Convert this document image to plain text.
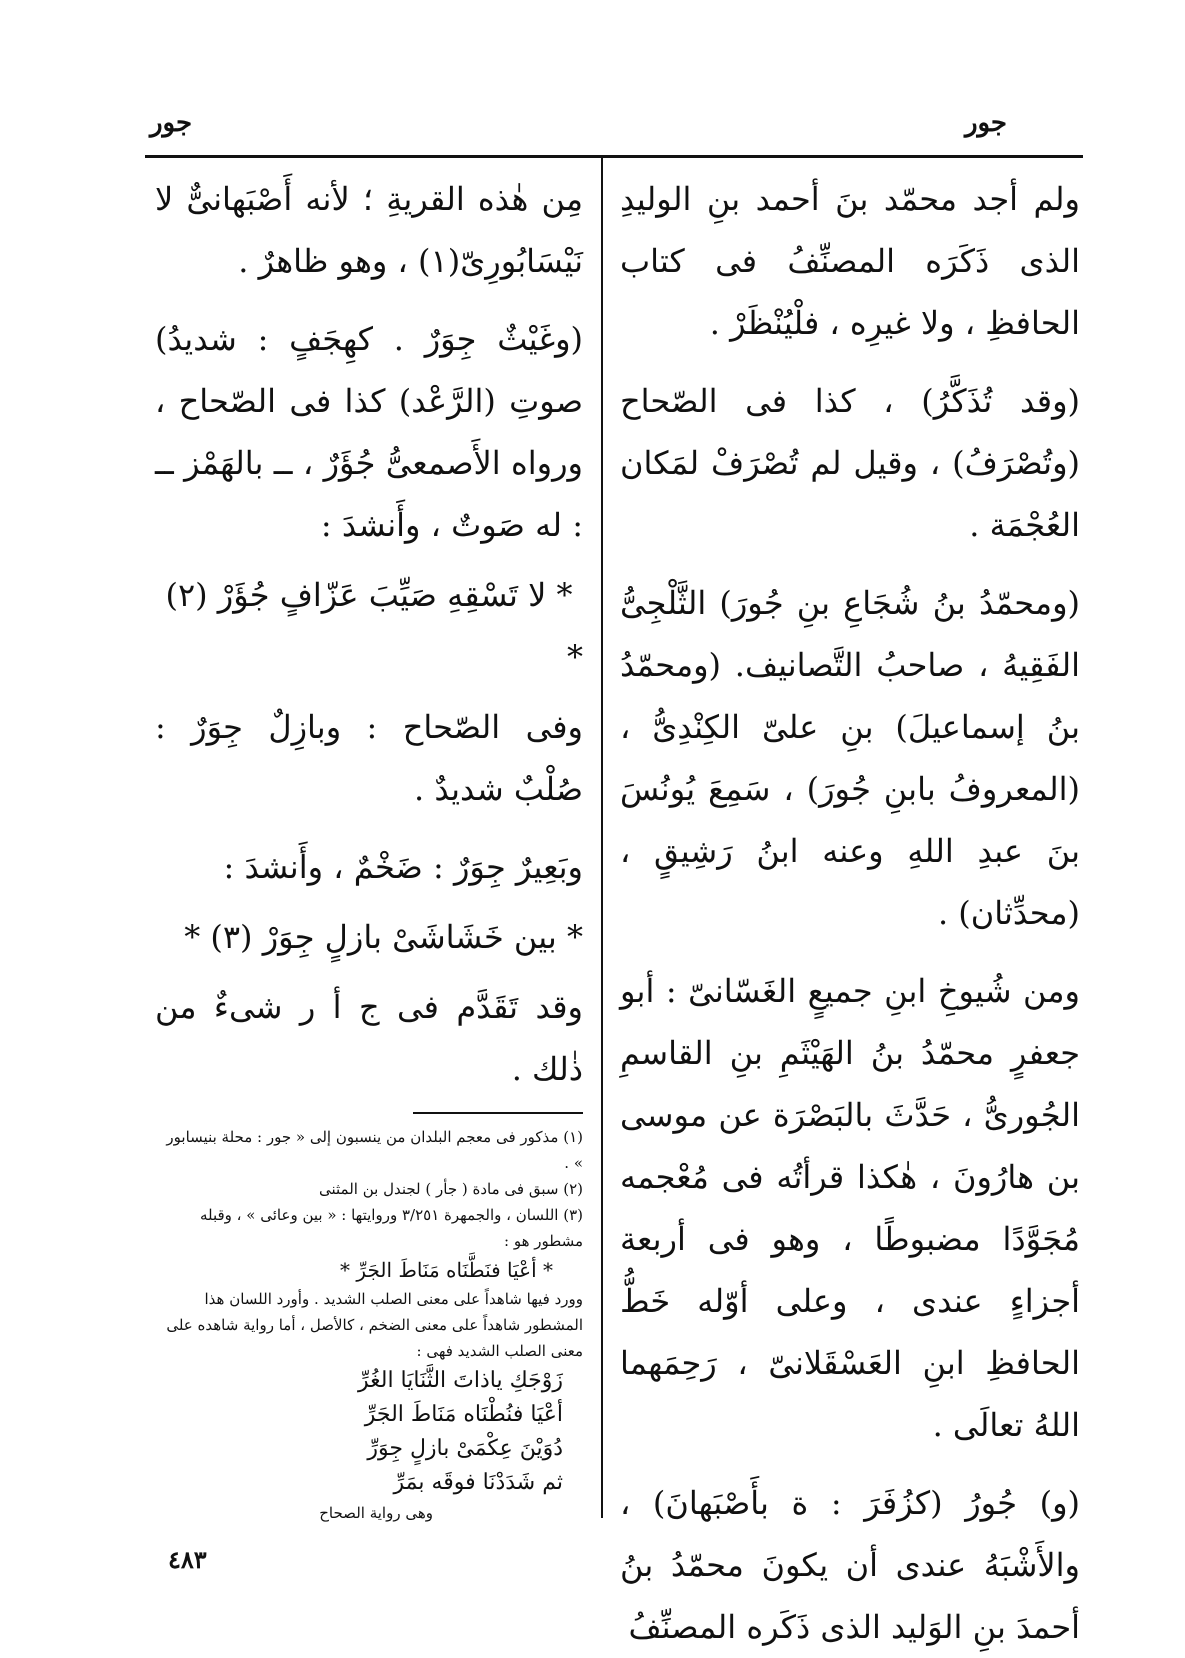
جور
جور

ولم أجد محمّد بنَ أحمد بنِ الوليدِ الذى ذَكَرَه المصنِّفُ فى كتاب الحافظِ ، ولا غيرِه ، فلْيُنْظَرْ .

(وقد تُذَكَّرُ) ، كذا فى الصّحاح (وتُصْرَفُ) ، وقيل لم تُصْرَفْ لمَكان العُجْمَة .

(ومحمّدُ بنُ شُجَاعِ بنِ جُورَ) الثَّلْجِىُّ الفَقِيهُ ، صاحبُ التَّصانيف. (ومحمّدُ بنُ إسماعيلَ) بنِ علىّ الكِنْدِىُّ ، (المعروفُ بابنِ جُورَ) ، سَمِعَ يُونُسَ بنَ عبدِ اللهِ وعنه ابنُ رَشِيقٍ ، (محدِّثان) .

ومن شُيوخِ ابنِ جميعٍ الغَسّانىّ : أبو جعفرٍ محمّدُ بنُ الهَيْثَمِ بنِ القاسمِ الجُورىُّ ، حَدَّثَ بالبَصْرَة عن موسى بن هارُونَ ، هٰكذا قرأتُه فى مُعْجمه مُجَوَّدًا مضبوطًا ، وهو فى أربعة أجزاءٍ عندى ، وعلى أوّله خَطُّ الحافظِ ابنِ العَسْقَلانىّ ، رَحِمَهما اللهُ تعالَى .

(و) جُورُ (كزُفَرَ : ة بأَصْبَهانَ) ، والأَشْبَهُ عندى أن يكونَ محمّدُ بنُ أحمدَ بنِ الوَليد الذى ذَكَره المصنِّفُ

مِن هٰذه القريةِ ؛ لأنه أَصْبَهانىٌّ لا نَيْسَابُورِىّ(١) ، وهو ظاهرٌ .

(وغَيْثٌ جِوَرٌ . كهِجَفٍ : شديدُ) صوتِ (الرَّعْد) كذا فى الصّحاح ، ورواه الأَصمعىُّ جُؤَرٌ ، ــ بالهَمْز ــ : له صَوتٌ ، وأَنشدَ :

* لا تَسْقِهِ صَيِّبَ عَزّافٍ جُؤَرْ (٢) *

وفى الصّحاح : وبازِلٌ جِوَرٌ : صُلْبٌ شديدٌ .

وبَعِيرٌ جِوَرٌ : ضَخْمٌ ، وأَنشدَ :

* بين خَشَاشَىْ بازلٍ جِوَرْ (٣) *

وقد تَقَدَّم فى ج أ ر شىءٌ من ذٰلك .

(١) مذكور فى معجم البلدان من ينسبون إلى « جور : محلة بنيسابور » .

(٢) سبق فى مادة ( جأر ) لجندل بن المثنى

(٣) اللسان ، والجمهرة ٣/٢٥١ وروايتها : « بين وعائى » ، وقبله مشطور هو :

* أعْيَا فنَطَّنَاه مَنَاطَ الجَرِّ *

وورد فيها شاهداً على معنى الصلب الشديد . وأورد اللسان هذا المشطور شاهداً على معنى الضخم ، كالأصل ، أما رواية شاهده على معنى الصلب الشديد فهى :

زَوْجَكِ ياذاتَ الثَّنَايَا الغُرِّ

أعْيَا فنُطْنَاه مَنَاطَ الجَرِّ

دُوَيْنَ عِكْمَىْ بازلٍ جِوَرِّ

ثم شَدَدْنَا فوقَه بمَرِّ

وهى رواية الصحاح

٤٨٣
